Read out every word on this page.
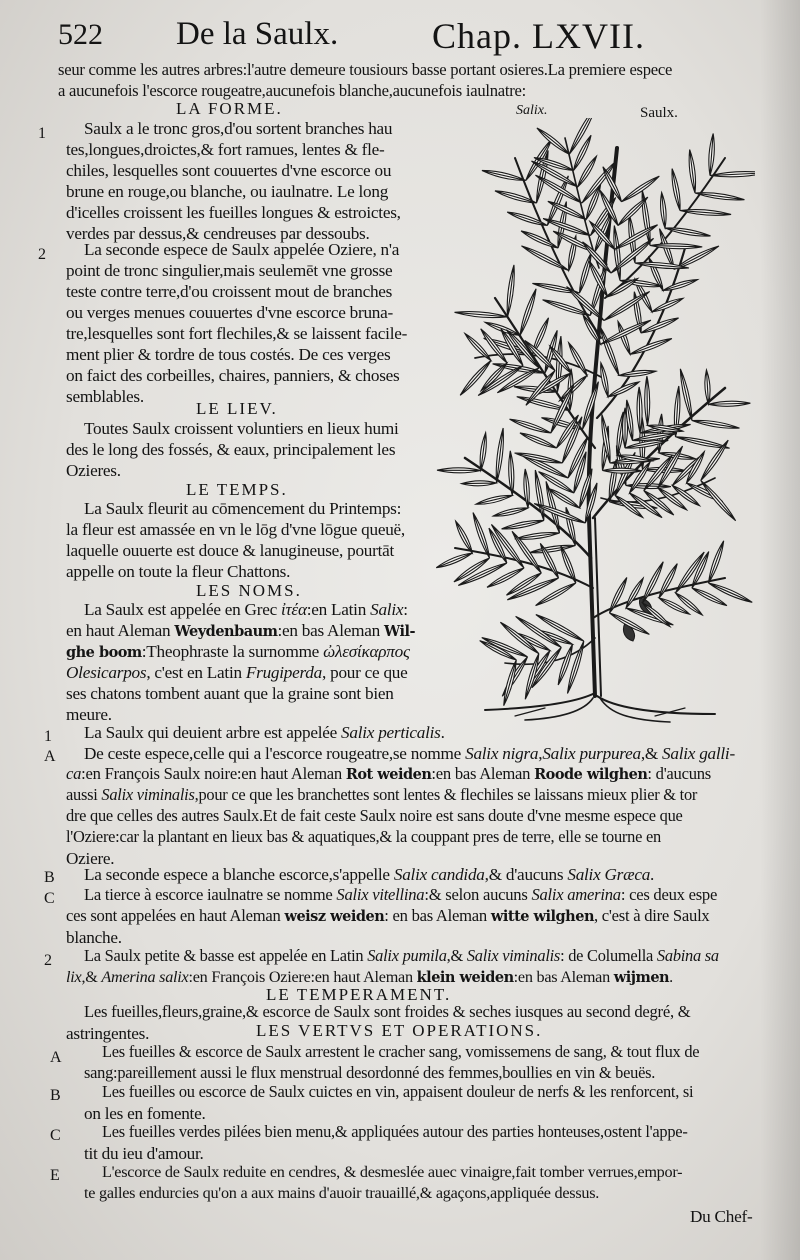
522 De la Saulx.	Chap. LXVII.
seur comme les autres arbres:l'autre demeure tousiours basse portant osieres.La premiere espece
a aucunefois l'escorce rougeatre,aucunefois blanche,aucunefois iaulnatre:
Salix.	Saulx.
LA FORME.
1
2
Saulx a le tronc gros,d'ou sortent branches hau
tes,longues,droictes,& fort ramues, lentes & fle-
chiles, lesquelles sont couuertes d'vne escorce ou
brune en rouge,ou blanche, ou iaulnatre. Le long
d'icelles croissent les fueilles longues & estroictes,
verdes par dessus,& cendreuses par dessoubs.
La seconde espece de Saulx appelée Oziere, n'a
point de tronc singulier,mais seulemēt vne grosse
teste contre terre,d'ou croissent mout de branches
ou verges menues couuertes d'vne escorce bruna-
tre,lesquelles sont fort flechiles,& se laissent facile-
ment plier & tordre de tous costés. De ces verges
on faict des corbeilles, chaires, panniers, & choses
semblables.
LE LIEV.
Toutes Saulx croissent voluntiers en lieux humi
des le long des fossés, & eaux, principalement les
Ozieres.
LE TEMPS.
La Saulx fleurit au cōmencement du Printemps:
la fleur est amassée en vn le lōg d'vne lōgue queuë,
laquelle ouuerte est douce & lanugineuse, pourtāt
appelle on toute la fleur Chattons.
LES NOMS.
La Saulx est appelée en Grec ἰτέα:en Latin Salix:
en haut Aleman Weydenbaum:en bas Aleman Wil-
ghe boom:Theophraste la surnomme ὠλεσίκαρπος
Olesicarpos, c'est en Latin Frugiperda, pour ce que
ses chatons tombent auant que la graine sont bien
meure.
1 La Saulx qui deuient arbre est appelée Salix perticalis.
A De ceste espece,celle qui a l'escorce rougeatre,se nomme Salix nigra,Salix purpurea,& Salix galli-
ca:en François Saulx noire:en haut Aleman Rot weiden:en bas Aleman Roode wilghen: d'aucuns
aussi Salix viminalis,pour ce que les branchettes sont lentes & flechiles se laissans mieux plier & tor
dre que celles des autres Saulx.Et de fait ceste Saulx noire est sans doute d'vne mesme espece que
l'Oziere:car la plantant en lieux bas & aquatiques,& la couppant pres de terre, elle se tourne en
Oziere.
B La seconde espece a blanche escorce,s'appelle Salix candida,& d'aucuns Salix Græca.
C La tierce à escorce iaulnatre se nomme Salix vitellina:& selon aucuns Salix amerina: ces deux espe
ces sont appelées en haut Aleman weisz weiden: en bas Aleman witte wilghen, c'est à dire Saulx
blanche.
2 La Saulx petite & basse est appelée en Latin Salix pumila,& Salix viminalis: de Columella Sabina sa
lix,& Amerina salix:en François Oziere:en haut Aleman klein weiden:en bas Aleman wijmen.
LE TEMPERAMENT.
Les fueilles,fleurs,graine,& escorce de Saulx sont froides & seches iusques au second degré, &
astringentes.	LES VERTVS ET OPERATIONS.
A Les fueilles & escorce de Saulx arrestent le cracher sang, vomissemens de sang, & tout flux de
sang:pareillement aussi le flux menstrual desordonné des femmes,boullies en vin & beuës.
B	Les fueilles ou escorce de Saulx cuictes en vin, appaisent douleur de nerfs & les renforcent, si
on les en fomente.
C	Les fueilles verdes pilées bien menu,& appliquées autour des parties honteuses,ostent l'appe-
tit du ieu d'amour.
E	L'escorce de Saulx reduite en cendres, & desmeslée auec vinaigre,fait tomber verrues,empor-
te galles endurcies qu'on a aux mains d'auoir trauaillé,& agaçons,appliquée dessus.
Du Chef-
